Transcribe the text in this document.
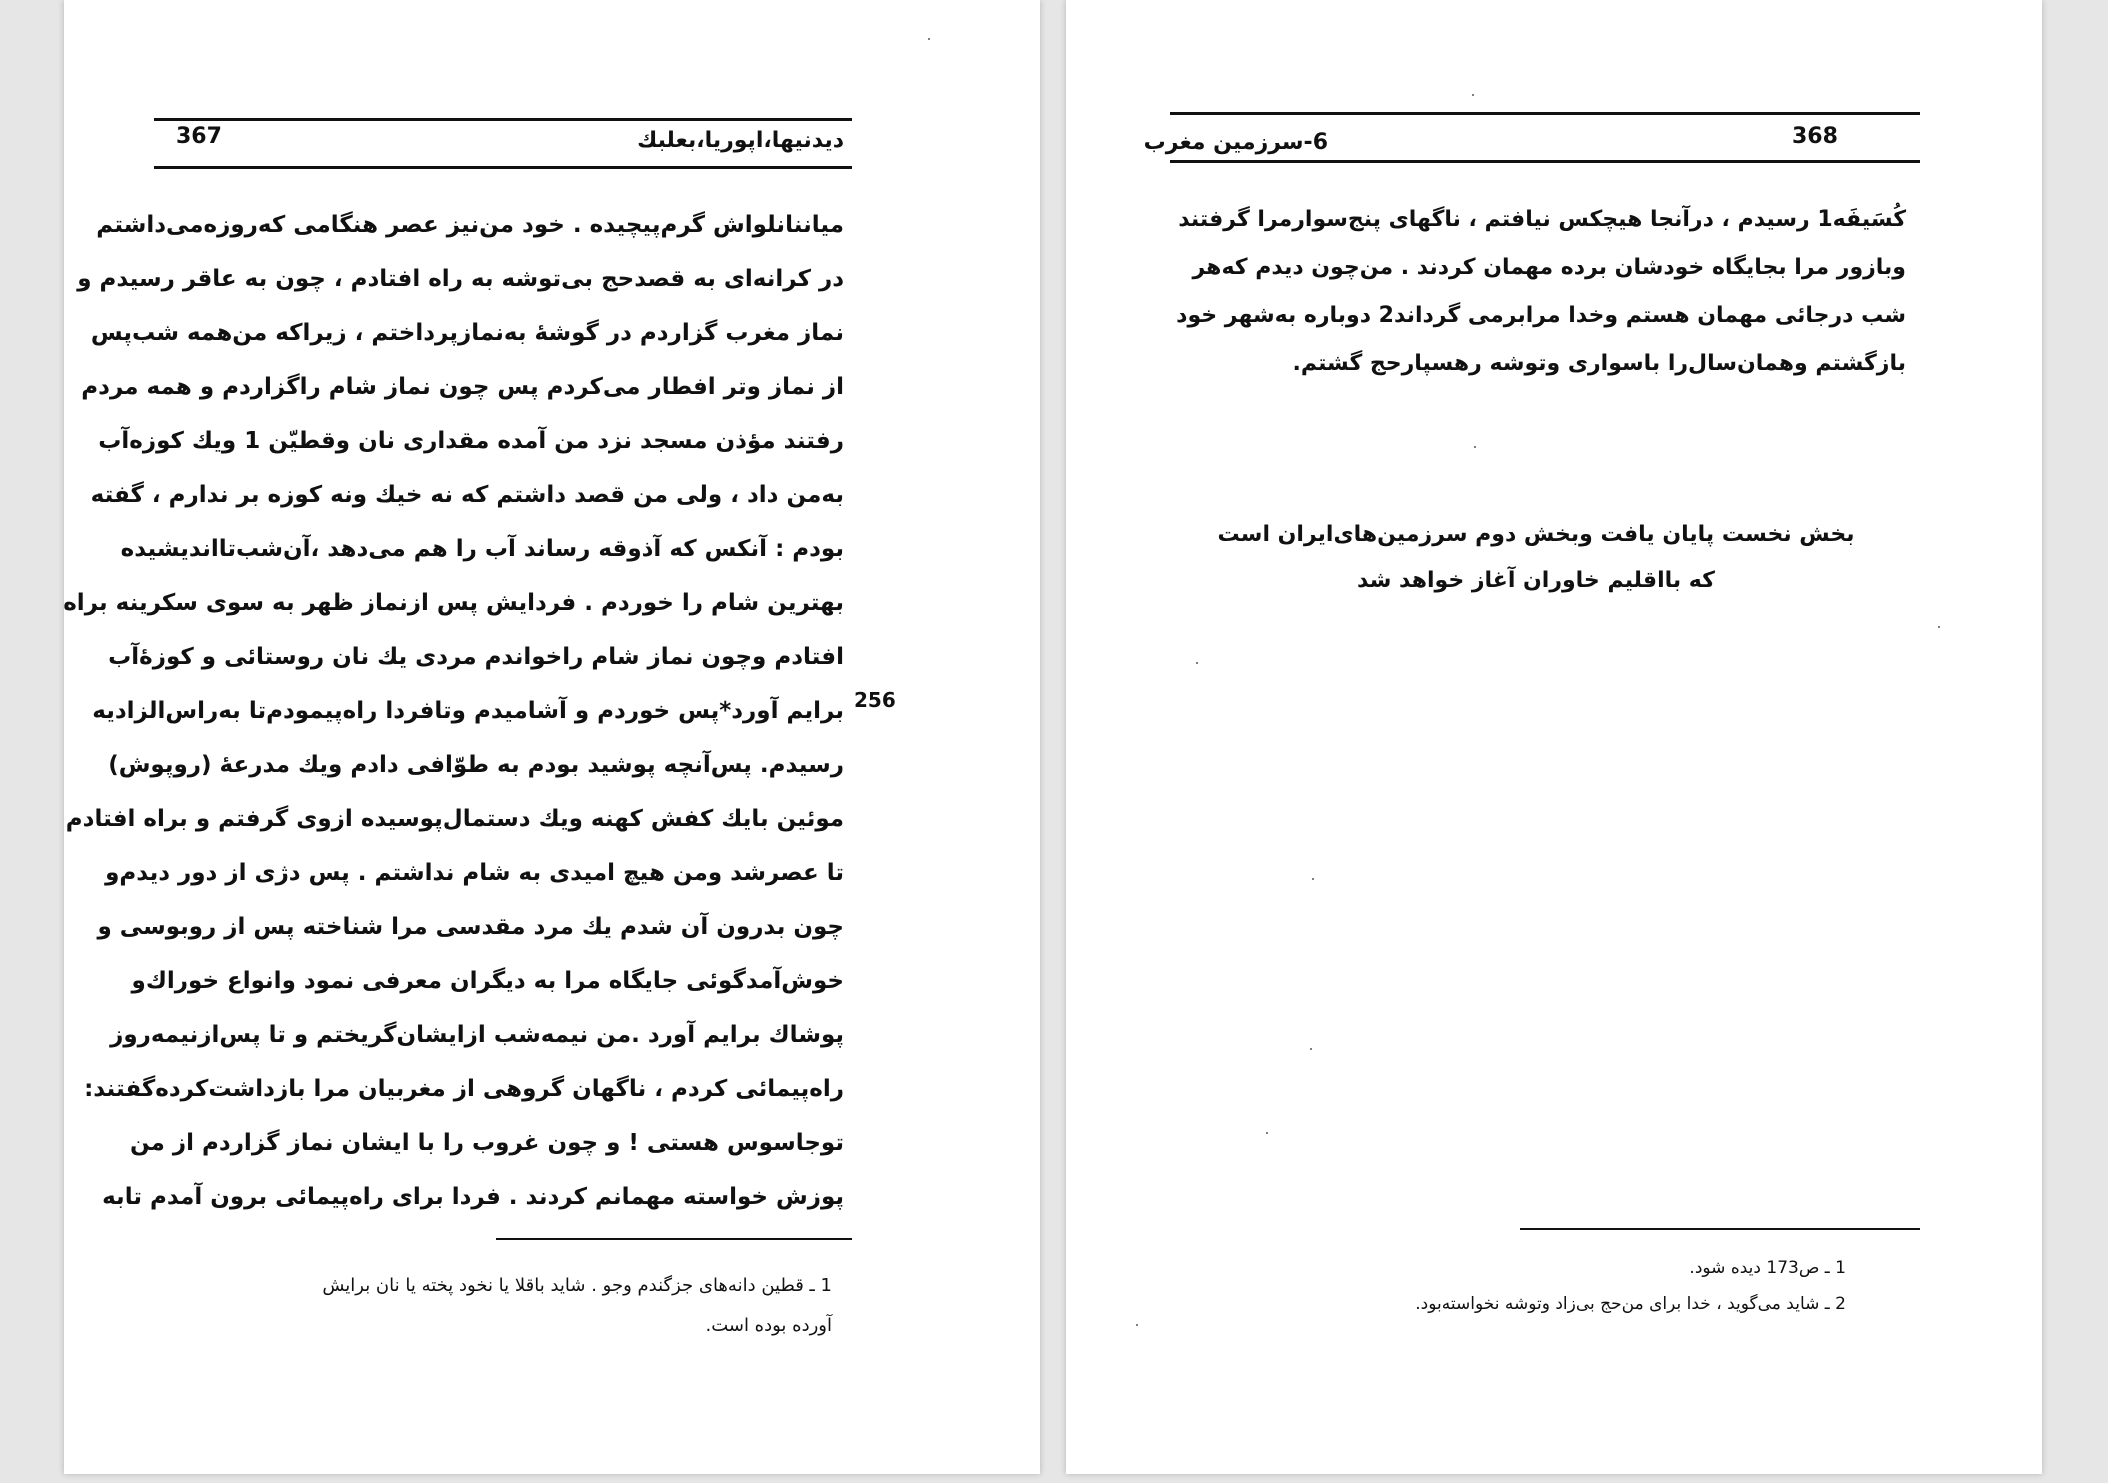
367	دیدنیها،اپوریا،بعلبك
میاننانلواش گرم‌پیچیده . خود من‌نیز عصر هنگامی که‌روزه‌می‌داشتم
در کرانه‌ای به قصدحج بی‌توشه به راه افتادم ، چون به عاقر رسیدم و
نماز مغرب گزاردم در گوشهٔ به‌نمازپرداختم ، زیراکه من‌همه شب‌پس
از نماز وتر افطار می‌کردم پس چون نماز شام راگزاردم و همه مردم
رفتند مؤذن مسجد نزد من آمده مقداری نان وقطیّن 1 ویك کوزه‌آب
به‌من داد ، ولی من قصد داشتم که نه خیك ونه کوزه بر ندارم ، گفته
بودم : آنکس که آذوقه رساند آب را هم می‌دهد ،آن‌شب‌تااندیشیده
بهترین شام را خوردم . فردایش پس ازنماز ظهر به سوی سکرینه براه
افتادم وچون نماز شام راخواندم مردی یك نان روستائی و کوزهٔ‌آب
برایم آورد*پس خوردم و آشامیدم وتافردا راه‌پیمودم‌تا به‌راس‌الزادیه
رسیدم. پس‌آنچه پوشید بودم به طوّافی دادم ویك مدرعهٔ (روپوش)
موئین بایك کفش کهنه ویك دستمال‌پوسیده ازوی گرفتم و براه افتادم
تا عصرشد ومن هیچ امیدی به شام نداشتم . پس دژی از دور دیدم‌و
چون بدرون آن شدم یك مرد مقدسی مرا شناخته پس از روبوسی و
خوش‌آمدگوئی جایگاه مرا به دیگران معرفی نمود وانواع خوراك‌و
پوشاك برایم آورد .من نیمه‌شب ازایشان‌گریختم و تا پس‌ازنیمه‌روز
راه‌پیمائی کردم ، ناگهان گروهی از مغربیان مرا بازداشت‌کرده‌گفتند:
توجاسوس هستی ! و چون غروب را با ایشان نماز گزاردم از من
پوزش خواسته مهمانم کردند . فردا برای راه‌پیمائی برون آمدم تابه
256
1 ـ قطین دانه‌های جزگندم وجو . شاید باقلا یا نخود پخته یا نان برایش
آورده بوده است.
6-سرزمین مغرب	368
کُسَیفَه1 رسیدم ، درآنجا هیچکس نیافتم ، ناگهای پنج‌سوارمرا گرفتند
وبازور مرا بجایگاه خودشان برده مهمان کردند . من‌چون دیدم که‌هر
شب درجائی مهمان هستم وخدا مرابرمی گرداند2 دوباره به‌شهر خود
بازگشتم وهمان‌سال‌را باسواری وتوشه رهسپارحج گشتم.
بخش نخست پایان یافت وبخش دوم سرزمین‌های‌ایران است
که بااقلیم خاوران آغاز خواهد شد
1 ـ ص173 دیده شود.
2 ـ شاید می‌گوید ، خدا برای من‌حج بی‌زاد وتوشه نخواسته‌بود.
